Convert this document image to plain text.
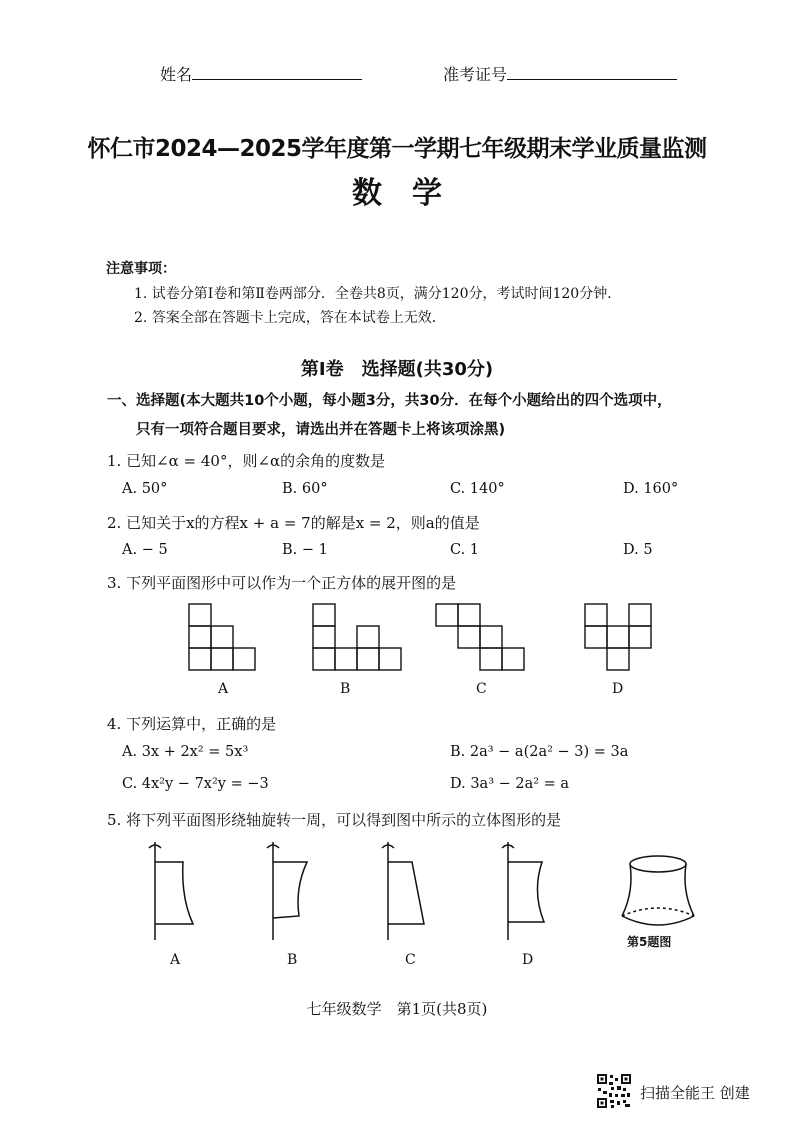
姓名	准考证号
怀仁市2024—2025学年度第一学期七年级期末学业质量监测
数学
注意事项：
1. 试卷分第Ⅰ卷和第Ⅱ卷两部分．全卷共8页，满分120分，考试时间120分钟．
2. 答案全部在答题卡上完成，答在本试卷上无效．
第Ⅰ卷　选择题(共30分)
一、选择题(本大题共10个小题，每小题3分，共30分．在每个小题给出的四个选项中，
只有一项符合题目要求，请选出并在答题卡上将该项涂黑)
1. 已知∠α = 40°，则∠α的余角的度数是
A. 50°	B. 60°	C. 140°	D. 160°
2. 已知关于x的方程x + a = 7的解是x = 2，则a的值是
A. − 5	B. − 1	C. 1	D. 5
3. 下列平面图形中可以作为一个正方体的展开图的是
A	B	C	D
4. 下列运算中，正确的是
A. 3x + 2x² = 5x³	B. 2a³ − a(2a² − 3) = 3a
C. 4x²y − 7x²y = −3	D. 3a³ − 2a² = a
5. 将下列平面图形绕轴旋转一周，可以得到图中所示的立体图形的是
A	B	C	D
第5题图
七年级数学　第1页(共8页)
扫描全能王 创建
